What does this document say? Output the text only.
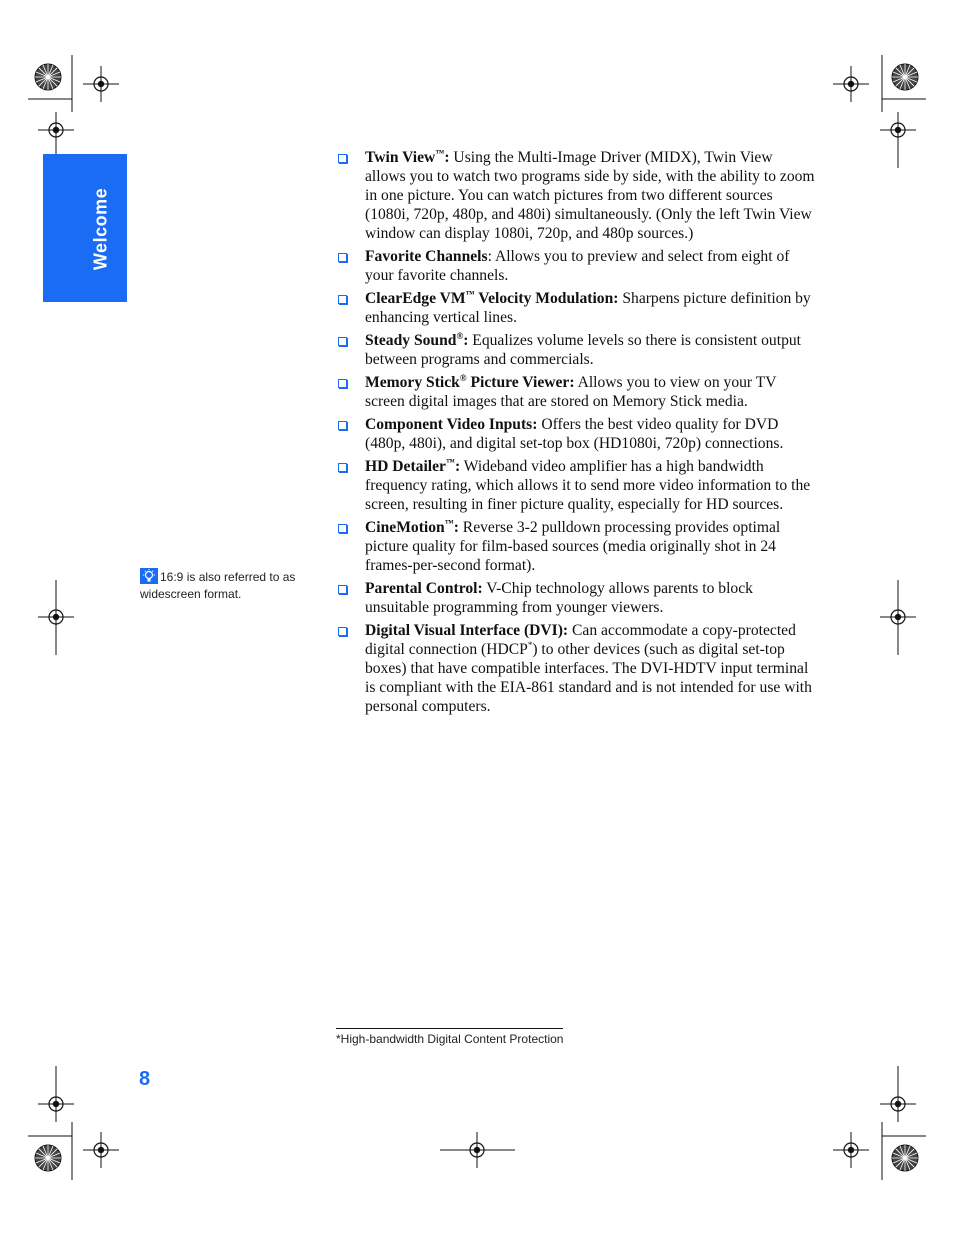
Welcome
16:9 is also referred to as widescreen format.
Twin View™: Using the Multi-Image Driver (MIDX), Twin View allows you to watch two programs side by side, with the ability to zoom in one picture. You can watch pictures from two different sources (1080i, 720p, 480p, and 480i) simultaneously. (Only the left Twin View window can display 1080i, 720p, and 480p sources.)
Favorite Channels: Allows you to preview and select from eight of your favorite channels.
ClearEdge VM™ Velocity Modulation: Sharpens picture definition by enhancing vertical lines.
Steady Sound®: Equalizes volume levels so there is consistent output between programs and commercials.
Memory Stick® Picture Viewer: Allows you to view on your TV screen digital images that are stored on Memory Stick media.
Component Video Inputs: Offers the best video quality for DVD (480p, 480i), and digital set-top box (HD1080i, 720p) connections.
HD Detailer™: Wideband video amplifier has a high bandwidth frequency rating, which allows it to send more video information to the screen, resulting in finer picture quality, especially for HD sources.
CineMotion™: Reverse 3-2 pulldown processing provides optimal picture quality for film-based sources (media originally shot in 24 frames-per-second format).
Parental Control: V-Chip technology allows parents to block unsuitable programming from younger viewers.
Digital Visual Interface (DVI): Can accommodate a copy-protected digital connection (HDCP*) to other devices (such as digital set-top boxes) that have compatible interfaces. The DVI-HDTV input terminal is compliant with the EIA-861 standard and is not intended for use with personal computers.
*High-bandwidth Digital Content Protection
8
